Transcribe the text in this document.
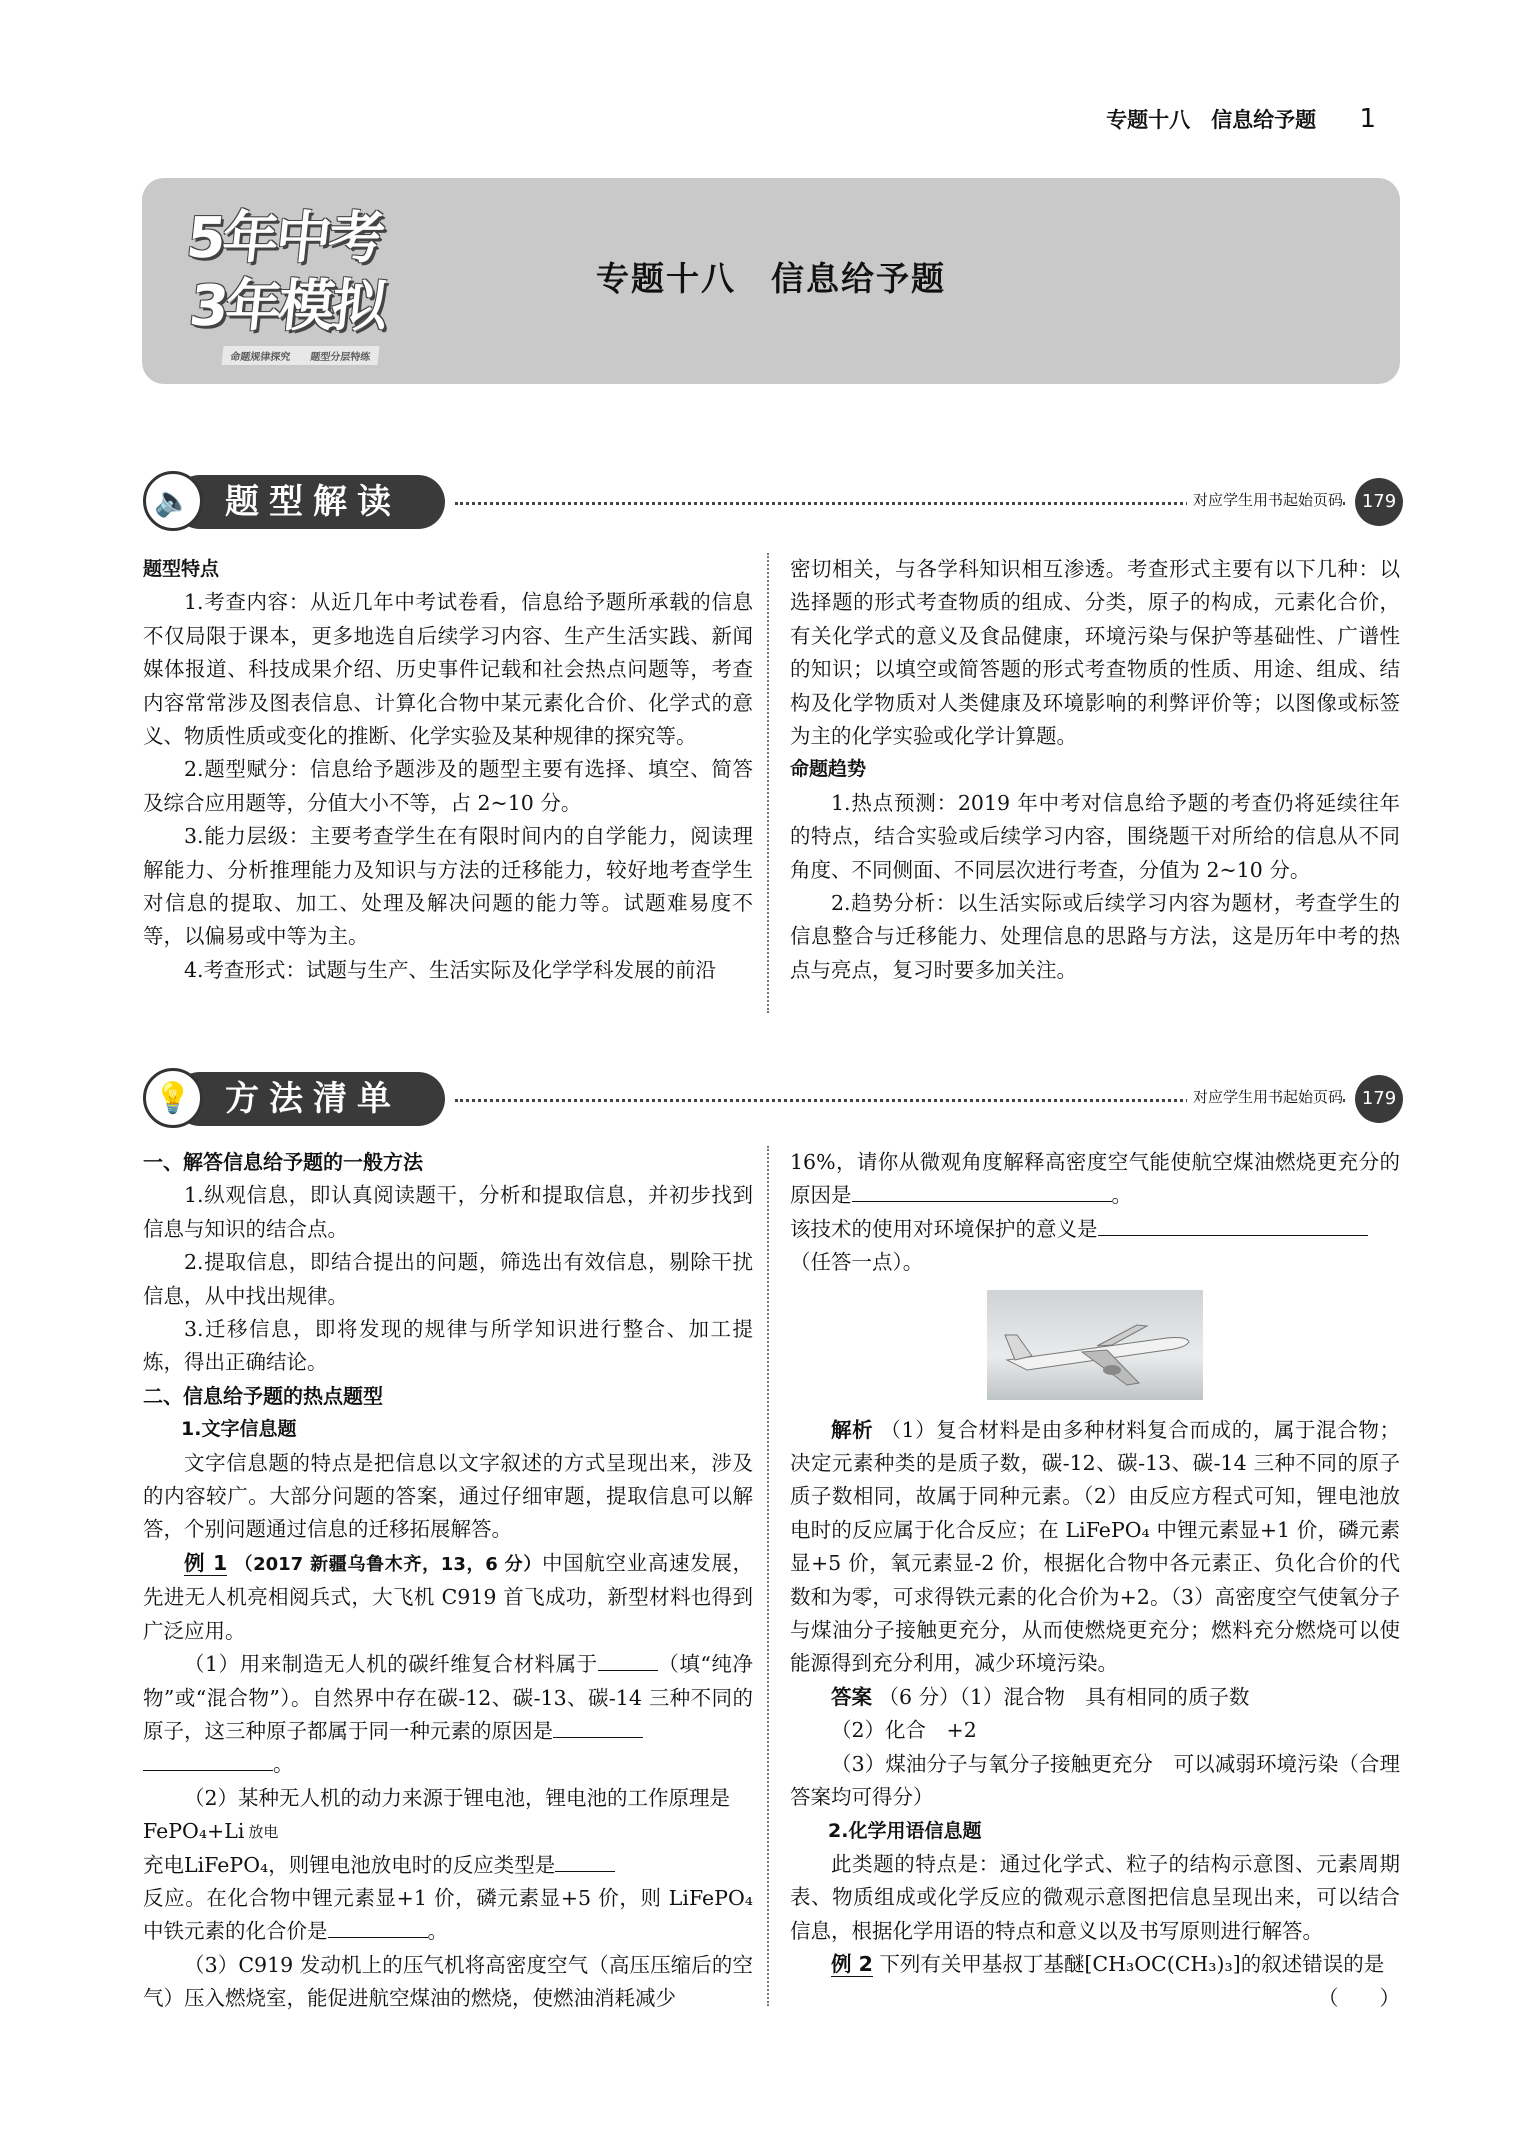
专题十八　信息给予题 1
5年中考
3年模拟
命题规律探究　　题型分层特练
专题十八　信息给予题
🔈 题型解读	对应学生用书起始页码	179

题型特点

1.考查内容：从近几年中考试卷看，信息给予题所承载的信息不仅局限于课本，更多地选自后续学习内容、生产生活实践、新闻媒体报道、科技成果介绍、历史事件记载和社会热点问题等，考查内容常常涉及图表信息、计算化合物中某元素化合价、化学式的意义、物质性质或变化的推断、化学实验及某种规律的探究等。

2.题型赋分：信息给予题涉及的题型主要有选择、填空、简答及综合应用题等，分值大小不等，占 2~10 分。

3.能力层级：主要考查学生在有限时间内的自学能力，阅读理解能力、分析推理能力及知识与方法的迁移能力，较好地考查学生对信息的提取、加工、处理及解决问题的能力等。试题难易度不等，以偏易或中等为主。

4.考查形式：试题与生产、生活实际及化学学科发展的前沿

密切相关，与各学科知识相互渗透。考查形式主要有以下几种：以选择题的形式考查物质的组成、分类，原子的构成，元素化合价，有关化学式的意义及食品健康，环境污染与保护等基础性、广谱性的知识；以填空或简答题的形式考查物质的性质、用途、组成、结构及化学物质对人类健康及环境影响的利弊评价等；以图像或标签为主的化学实验或化学计算题。

命题趋势

1.热点预测：2019 年中考对信息给予题的考查仍将延续往年的特点，结合实验或后续学习内容，围绕题干对所给的信息从不同角度、不同侧面、不同层次进行考查，分值为 2~10 分。

2.趋势分析：以生活实际或后续学习内容为题材，考查学生的信息整合与迁移能力、处理信息的思路与方法，这是历年中考的热点与亮点，复习时要多加关注。

💡 方法清单	对应学生用书起始页码	179

一、解答信息给予题的一般方法

1.纵观信息，即认真阅读题干，分析和提取信息，并初步找到信息与知识的结合点。

2.提取信息，即结合提出的问题，筛选出有效信息，剔除干扰信息，从中找出规律。

3.迁移信息，即将发现的规律与所学知识进行整合、加工提炼，得出正确结论。

二、信息给予题的热点题型

1.文字信息题

文字信息题的特点是把信息以文字叙述的方式呈现出来，涉及的内容较广。大部分问题的答案，通过仔细审题，提取信息可以解答，个别问题通过信息的迁移拓展解答。

例 1 （2017 新疆乌鲁木齐，13，6 分）中国航空业高速发展，先进无人机亮相阅兵式，大飞机 C919 首飞成功，新型材料也得到广泛应用。

（1）用来制造无人机的碳纤维复合材料属于	（填“纯净物”或“混合物”）。自然界中存在碳-12、碳-13、碳-14 三种不同的原子，这三种原子都属于同一种元素的原因是
。

（2）某种无人机的动力来源于锂电池，锂电池的工作原理是

FePO₄+Li 放电

充电LiFePO₄，则锂电池放电时的反应类型是

反应。在化合物中锂元素显+1 价，磷元素显+5 价，则 LiFePO₄ 中铁元素的化合价是	。

（3）C919 发动机上的压气机将高密度空气（高压压缩后的空气）压入燃烧室，能促进航空煤油的燃烧，使燃油消耗减少

16%，请你从微观角度解释高密度空气能使航空煤油燃烧更充分的原因是	。

该技术的使用对环境保护的意义是

（任答一点）。

解析 （1）复合材料是由多种材料复合而成的，属于混合物；决定元素种类的是质子数，碳-12、碳-13、碳-14 三种不同的原子质子数相同，故属于同种元素。（2）由反应方程式可知，锂电池放电时的反应属于化合反应；在 LiFePO₄ 中锂元素显+1 价，磷元素显+5 价，氧元素显-2 价，根据化合物中各元素正、负化合价的代数和为零，可求得铁元素的化合价为+2。（3）高密度空气使氧分子与煤油分子接触更充分，从而使燃烧更充分；燃料充分燃烧可以使能源得到充分利用，减少环境污染。

答案 （6 分）（1）混合物　具有相同的质子数

（2）化合　+2

（3）煤油分子与氧分子接触更充分　可以减弱环境污染（合理答案均可得分）

2.化学用语信息题

此类题的特点是：通过化学式、粒子的结构示意图、元素周期表、物质组成或化学反应的微观示意图把信息呈现出来，可以结合信息，根据化学用语的特点和意义以及书写原则进行解答。

例 2 下列有关甲基叔丁基醚[CH₃OC(CH₃)₃]的叙述错误的是
（　　）
